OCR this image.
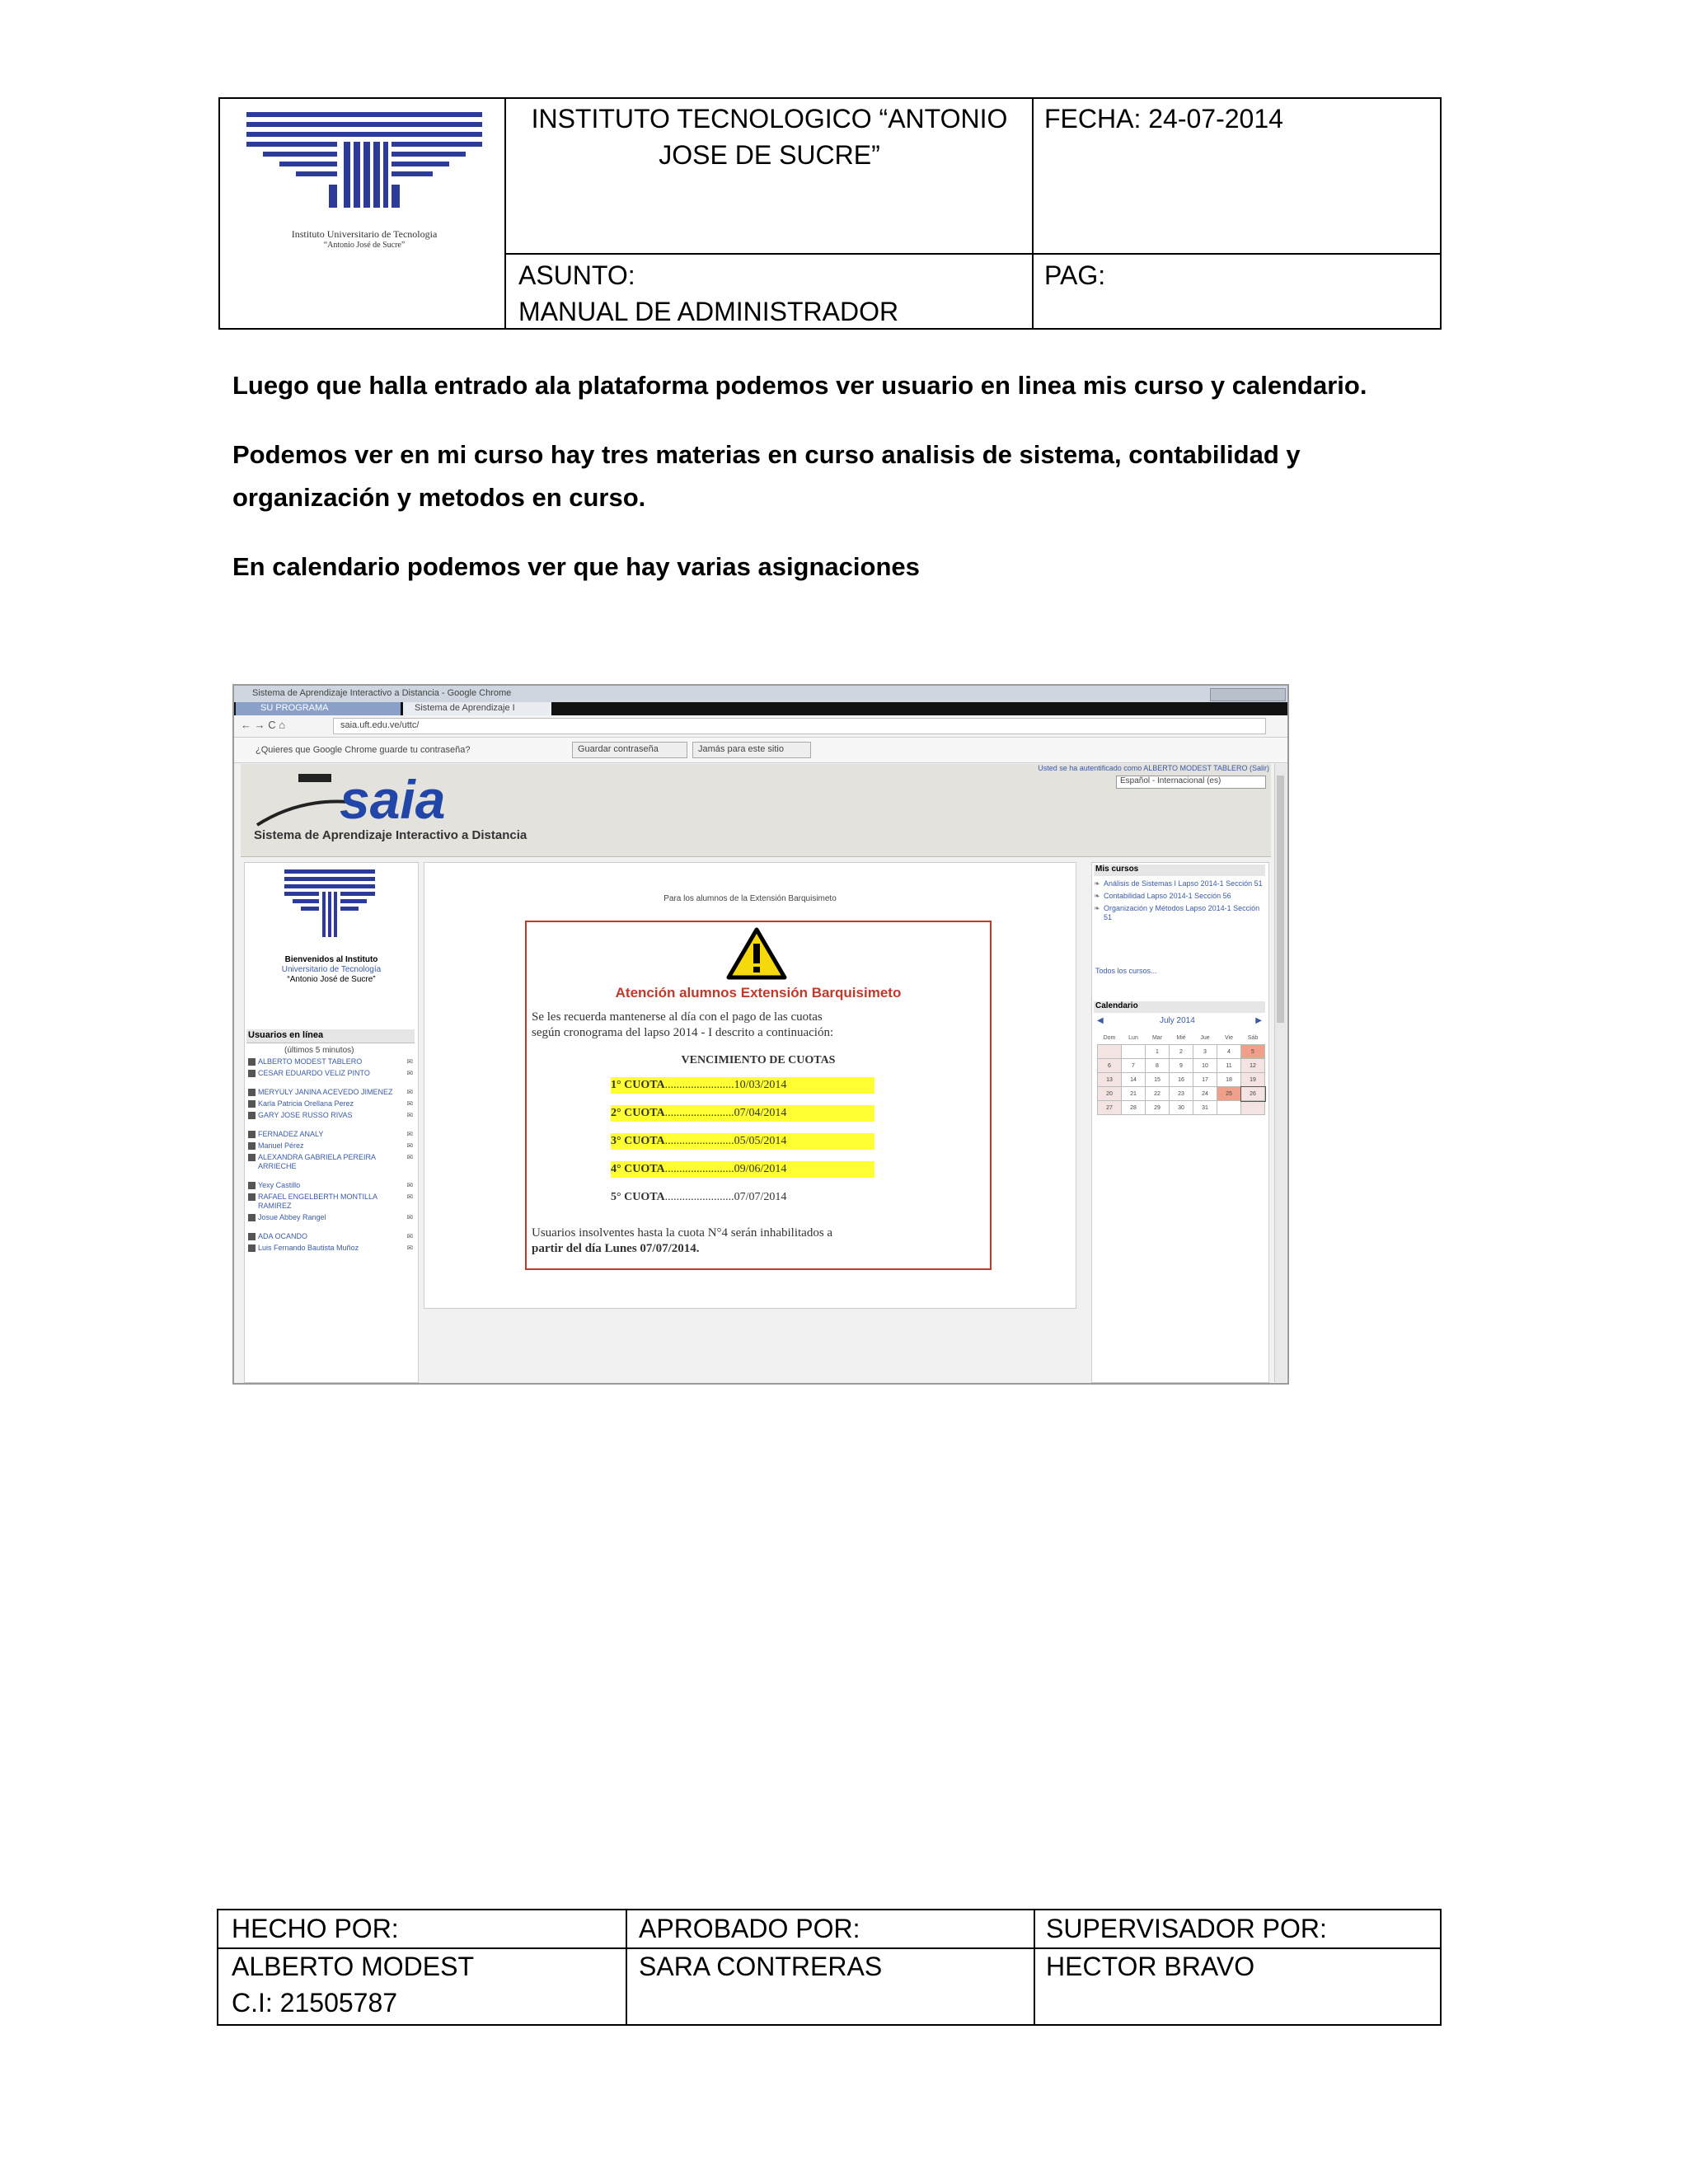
Instituto Universitario de Tecnologia
“Antonio José de Sucre”
INSTITUTO TECNOLOGICO “ANTONIO
JOSE DE SUCRE”
FECHA: 24-07-2014
ASUNTO:
MANUAL DE ADMINISTRADOR
PAG:
Luego que halla entrado ala plataforma podemos ver usuario en linea mis curso y calendario.
Podemos ver en mi curso hay tres materias en curso analisis de sistema, contabilidad y
organización y metodos en curso.
En calendario podemos ver que hay varias asignaciones
Sistema de Aprendizaje Interactivo a Distancia - Google Chrome
SU PROGRAMA	Sistema de Aprendizaje I
← → C ⌂	saia.uft.edu.ve/uttc/
¿Quieres que Google Chrome guarde tu contraseña?	Guardar contraseña	Jamás para este sitio
saia
Sistema de Aprendizaje Interactivo a Distancia
Usted se ha autentificado como ALBERTO MODEST TABLERO (Salir)
Español - Internacional (es)
Bienvenidos al Instituto
Universitario de Tecnología
“Antonio José de Sucre”
Usuarios en línea
(últimos 5 minutos)
ALBERTO MODEST TABLERO	✉
CESAR EDUARDO VELIZ PINTO	✉
MERYULY JANINA ACEVEDO JIMENEZ ✉
Karla Patricia Orellana Perez	✉
GARY JOSE RUSSO RIVAS	✉
FERNADEZ ANALY	✉
Manuel Pérez	✉
ALEXANDRA GABRIELA PEREIRA ARRIECHE
✉
Yexy Castillo	✉
RAFAEL ENGELBERTH MONTILLA RAMIREZ
✉
Josue Abbey Rangel	✉
ADA OCANDO	✉
Luis Fernando Bautista Muñoz	✉
Para los alumnos de la Extensión Barquisimeto
Atención alumnos Extensión Barquisimeto
Se les recuerda mantenerse al día con el pago de las cuotas
según cronograma del lapso 2014 - I descrito a continuación:
VENCIMIENTO DE CUOTAS
1° CUOTA........................10/03/2014
2° CUOTA........................07/04/2014
3° CUOTA........................05/05/2014
4° CUOTA........................09/06/2014
5° CUOTA........................07/07/2014
Usuarios insolventes hasta la cuota N°4 serán inhabilitados a
partir del día Lunes 07/07/2014.
Mis cursos
❧ Análisis de Sistemas I Lapso 2014-1 Sección 51
❧ Contabilidad Lapso 2014-1 Sección 56
❧ Organización y Métodos Lapso 2014-1 Sección 51
Todos los cursos...
Calendario
◀	July 2014	▶
Dom	Lun	Mar	Mié	Jue	Vie	Sáb
		1	2	3	4	5
6	7	8	9	10	11	12
13	14	15	16	17	18	19
20	21	22	23	24	25	26
27	28	29	30	31		
HECHO POR:	APROBADO POR:	SUPERVISADOR POR:
ALBERTO MODEST
C.I: 21505787
SARA CONTRERAS	HECTOR BRAVO
